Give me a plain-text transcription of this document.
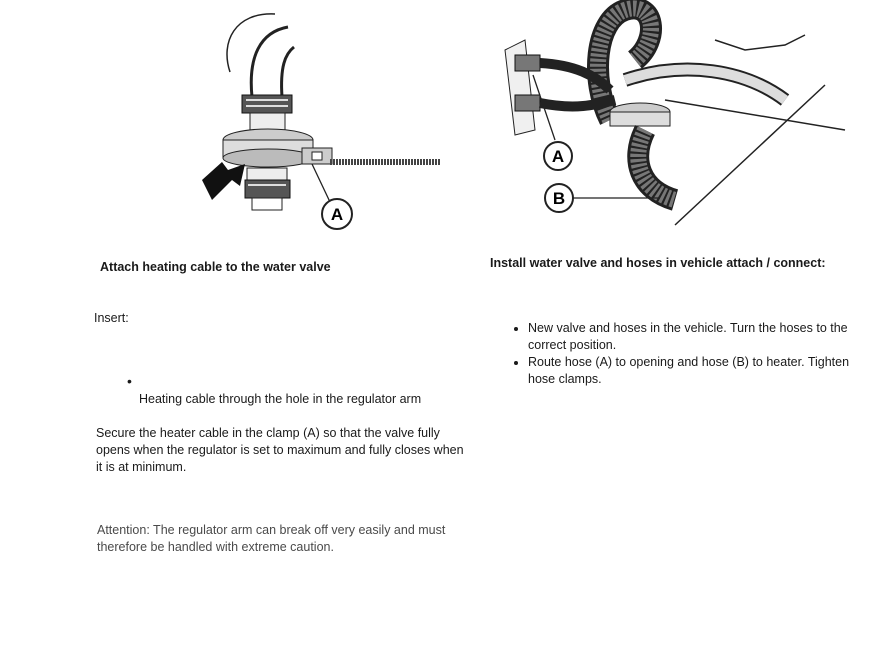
A
A
B
Attach heating cable to the water valve
Insert:
•
Heating cable through the hole in the regulator arm
Secure the heater cable in the clamp (A) so that the valve fully opens when the regulator is set to maximum and fully closes when it is at minimum.
Attention: The regulator arm can break off very easily and must therefore be handled with extreme caution.
Install water valve and hoses in vehicle attach / connect:
• New valve and hoses in the vehicle. Turn the hoses to the correct position.
• Route hose (A) to opening and hose (B) to heater. Tighten hose clamps.
